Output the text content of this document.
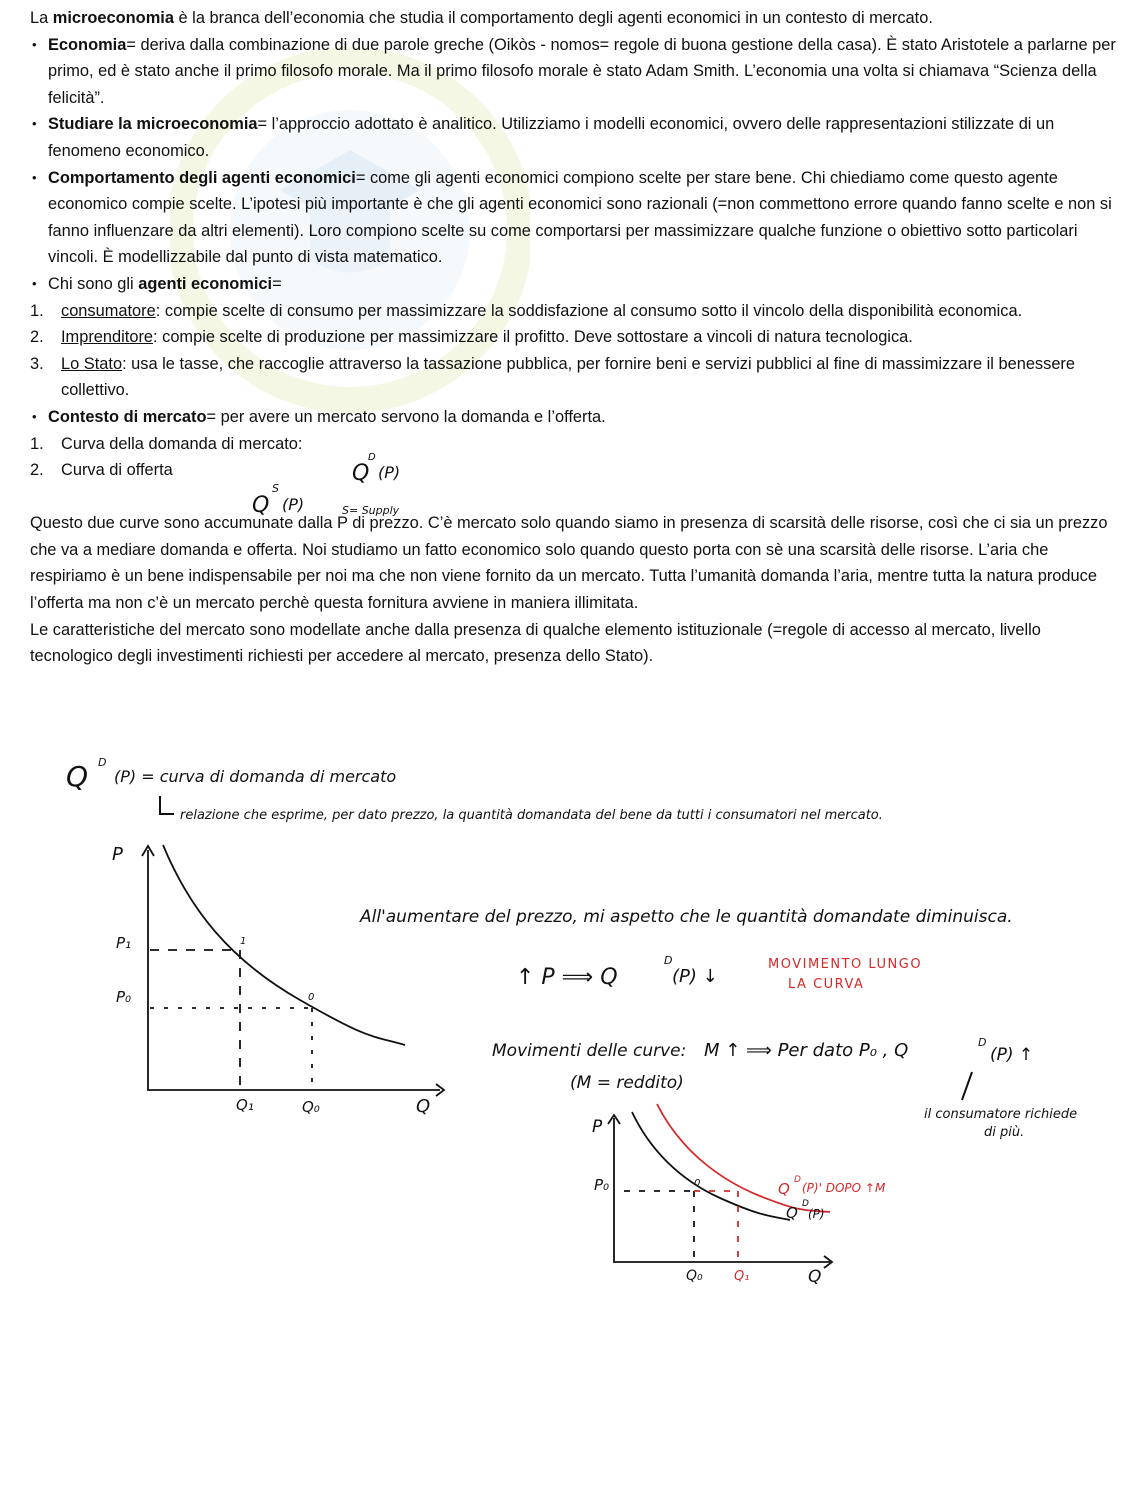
La microeconomia è la branca dell’economia che studia il comportamento degli agenti economici in un contesto di mercato.

• Economia= deriva dalla combinazione di due parole greche (Oikòs - nomos= regole di buona gestione della casa). È stato Aristotele a parlarne per primo, ed è stato anche il primo filosofo morale. Ma il primo filosofo morale è stato Adam Smith. L’economia una volta si chiamava “Scienza della felicità”.

• Studiare la microeconomia= l’approccio adottato è analitico. Utilizziamo i modelli economici, ovvero delle rappresentazioni stilizzate di un fenomeno economico.

• Comportamento degli agenti economici= come gli agenti economici compiono scelte per stare bene. Chi chiediamo come questo agente economico compie scelte. L’ipotesi più importante è che gli agenti economici sono razionali (=non commettono errore quando fanno scelte e non si fanno influenzare da altri elementi). Loro compiono scelte su come comportarsi per massimizzare qualche funzione o obiettivo sotto particolari vincoli. È modellizzabile dal punto di vista matematico.

• Chi sono gli agenti economici=

1. consumatore: compie scelte di consumo per massimizzare la soddisfazione al consumo sotto il vincolo della disponibilità economica.

2. Imprenditore: compie scelte di produzione per massimizzare il profitto. Deve sottostare a vincoli di natura tecnologica.

3. Lo Stato: usa le tasse, che raccoglie attraverso la tassazione pubblica, per fornire beni e servizi pubblici al fine di massimizzare il benessere collettivo.

• Contesto di mercato= per avere un mercato servono la domanda e l’offerta.

1. Curva della domanda di mercato:

2. Curva di offerta

Questo due curve sono accumunate dalla P di prezzo. C’è mercato solo quando siamo in presenza di scarsità delle risorse, così che ci sia un prezzo che va a mediare domanda e offerta. Noi studiamo un fatto economico solo quando questo porta con sè una scarsità delle risorse. L’aria che respiriamo è un bene indispensabile per noi ma che non viene fornito da un mercato. Tutta l’umanità domanda l’aria, mentre tutta la natura produce l’offerta ma non c’è un mercato perchè questa fornitura avviene in maniera illimitata.

Le caratteristiche del mercato sono modellate anche dalla presenza di qualche elemento istituzionale (=regole di accesso al mercato, livello tecnologico degli investimenti richiesti per accedere al mercato, presenza dello Stato).

Q
D
(P)
Q
S
(P)	S= Supply
Q D
(P) = curva di domanda di mercato
relazione che esprime, per dato prezzo, la quantità domandata del bene da tutti i consumatori nel mercato.
P
P₁
P₀
Q₁	Q₀	Q
1
0
All'aumentare del prezzo, mi aspetto che le quantità domandate diminuisca.
↑ P ⟹ Q
D
(P) ↓
MOVIMENTO LUNGO
LA CURVA
Movimenti delle curve: M ↑ ⟹ Per dato P₀ , Q	D
(P) ↑
(M = reddito)
il consumatore richiede
di più.
P
P₀
Q₀ Q₁	Q
0	Q D
(P)' DOPO ↑M
Q D
(P)
